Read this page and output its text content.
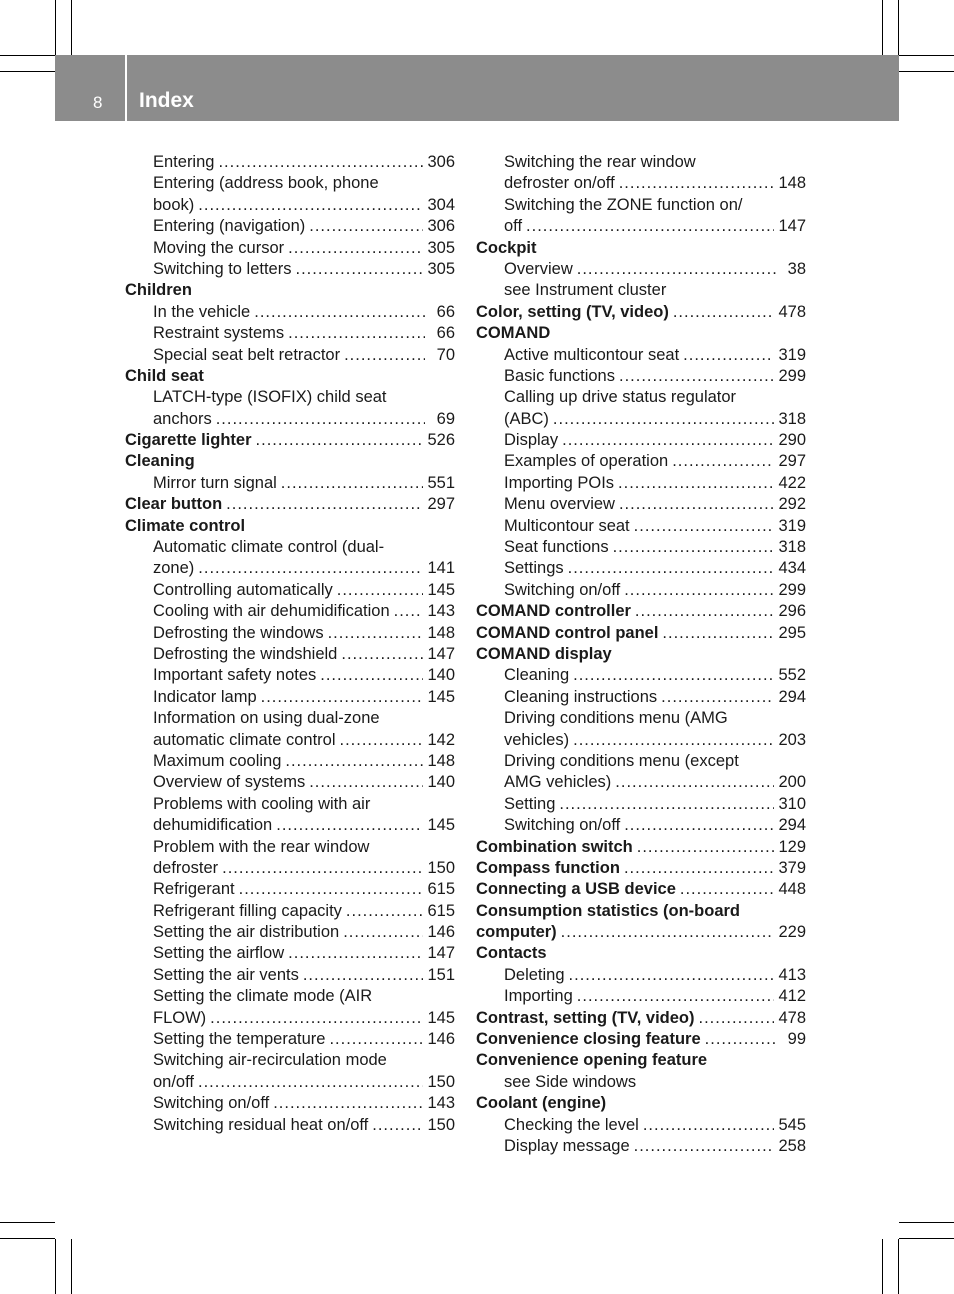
8 Index
Entering .....	306
Entering (address book, phone
book) .....	304
Entering (navigation) .....	306
Moving the cursor .....	305
Switching to letters .....	305
Children
In the vehicle .....	66
Restraint systems .....	66
Special seat belt retractor .....	70
Child seat
LATCH-type (ISOFIX) child seat
anchors .....	69
Cigarette lighter .....	526
Cleaning
Mirror turn signal .....	551
Clear button .....	297
Climate control
Automatic climate control (dual-
zone) .....	141
Controlling automatically .....	145
Cooling with air dehumidification ..... 143
Defrosting the windows .....	148
Defrosting the windshield .....	147
Important safety notes .....	140
Indicator lamp .....	145
Information on using dual-zone
automatic climate control .....	142
Maximum cooling .....	148
Overview of systems .....	140
Problems with cooling with air
dehumidification .....	145
Problem with the rear window
defroster .....	150
Refrigerant .....	615
Refrigerant filling capacity .....	615
Setting the air distribution .....	146
Setting the airflow .....	147
Setting the air vents .....	151
Setting the climate mode (AIR
FLOW) .....	145
Setting the temperature .....	146
Switching air-recirculation mode
on/off .....	150
Switching on/off .....	143
Switching residual heat on/off .....	150
Switching the rear window
defroster on/off .....	148
Switching the ZONE function on/
off .....	147
Cockpit
Overview .....	38
see Instrument cluster
Color, setting (TV, video) .....	478
COMAND
Active multicontour seat .....	319
Basic functions .....	299
Calling up drive status regulator
(ABC) .....	318
Display .....	290
Examples of operation .....	297
Importing POIs .....	422
Menu overview .....	292
Multicontour seat .....	319
Seat functions .....	318
Settings .....	434
Switching on/off .....	299
COMAND controller .....	296
COMAND control panel .....	295
COMAND display
Cleaning .....	552
Cleaning instructions .....	294
Driving conditions menu (AMG
vehicles) .....	203
Driving conditions menu (except
AMG vehicles) .....	200
Setting .....	310
Switching on/off .....	294
Combination switch .....	129
Compass function .....	379
Connecting a USB device .....	448
Consumption statistics (on-board
computer) .....	229
Contacts
Deleting .....	413
Importing .....	412
Contrast, setting (TV, video) .....	478
Convenience closing feature .....	99
Convenience opening feature
see Side windows
Coolant (engine)
Checking the level .....	545
Display message .....	258
